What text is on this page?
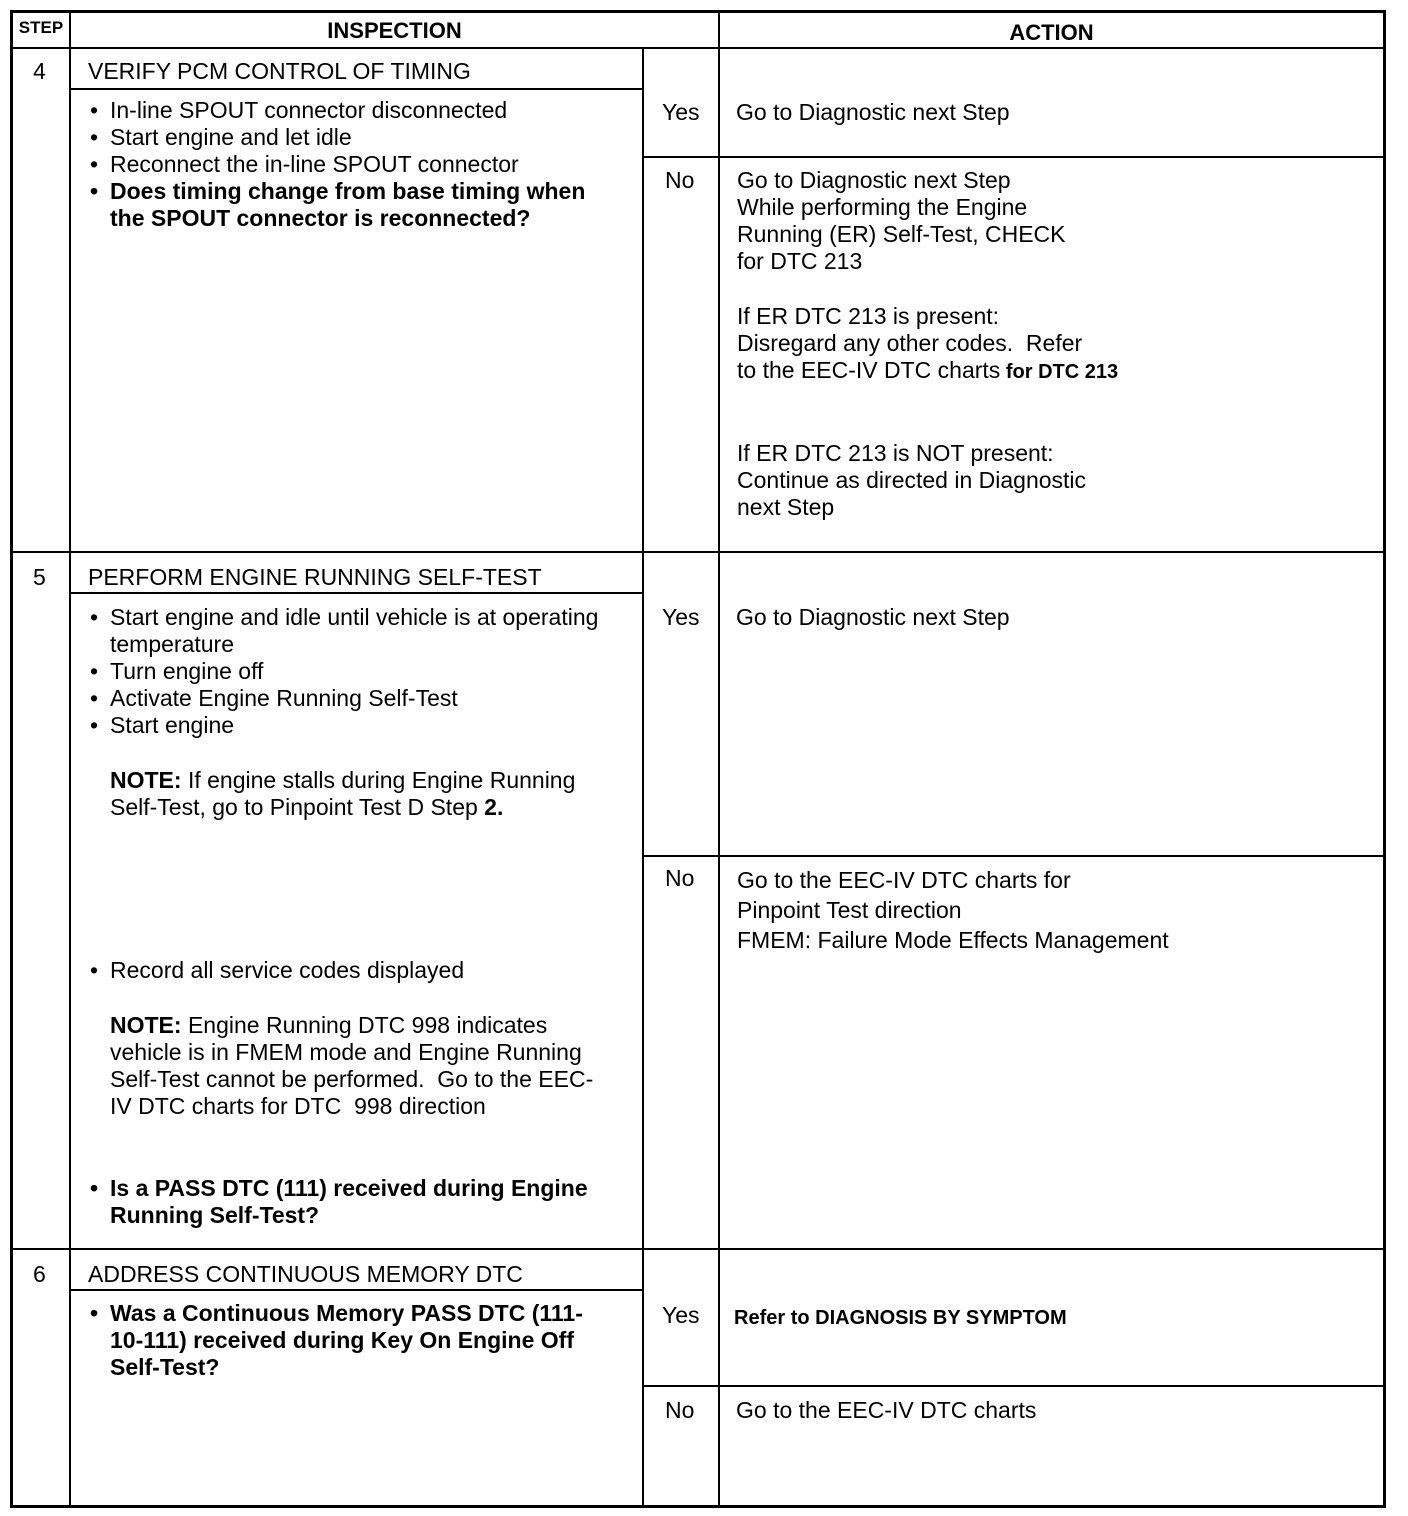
STEP	INSPECTION	ACTION
4 VERIFY PCM CONTROL OF TIMING
• In-line SPOUT connector disconnected
• Start engine and let idle
• Reconnect the in-line SPOUT connector
• Does timing change from base timing when
the SPOUT connector is reconnected?
Yes Go to Diagnostic next Step
No Go to Diagnostic next Step
While performing the Engine
Running (ER) Self-Test, CHECK
for DTC 213
If ER DTC 213 is present:
Disregard any other codes.  Refer
to the EEC-IV DTC charts for DTC 213
If ER DTC 213 is NOT present:
Continue as directed in Diagnostic
next Step
5 PERFORM ENGINE RUNNING SELF-TEST
• Start engine and idle until vehicle is at operating
temperature
• Turn engine off
• Activate Engine Running Self-Test
• Start engine
NOTE: If engine stalls during Engine Running
Self-Test, go to Pinpoint Test D Step 2.
• Record all service codes displayed
NOTE: Engine Running DTC 998 indicates
vehicle is in FMEM mode and Engine Running
Self-Test cannot be performed.  Go to the EEC-
IV DTC charts for DTC  998 direction
• Is a PASS DTC (111) received during Engine
Running Self-Test?
Yes Go to Diagnostic next Step
No Go to the EEC-IV DTC charts for
Pinpoint Test direction
FMEM: Failure Mode Effects Management
6 ADDRESS CONTINUOUS MEMORY DTC
• Was a Continuous Memory PASS DTC (111-
10-111) received during Key On Engine Off
Self-Test?
Yes Refer to DIAGNOSIS BY SYMPTOM
No Go to the EEC-IV DTC charts
